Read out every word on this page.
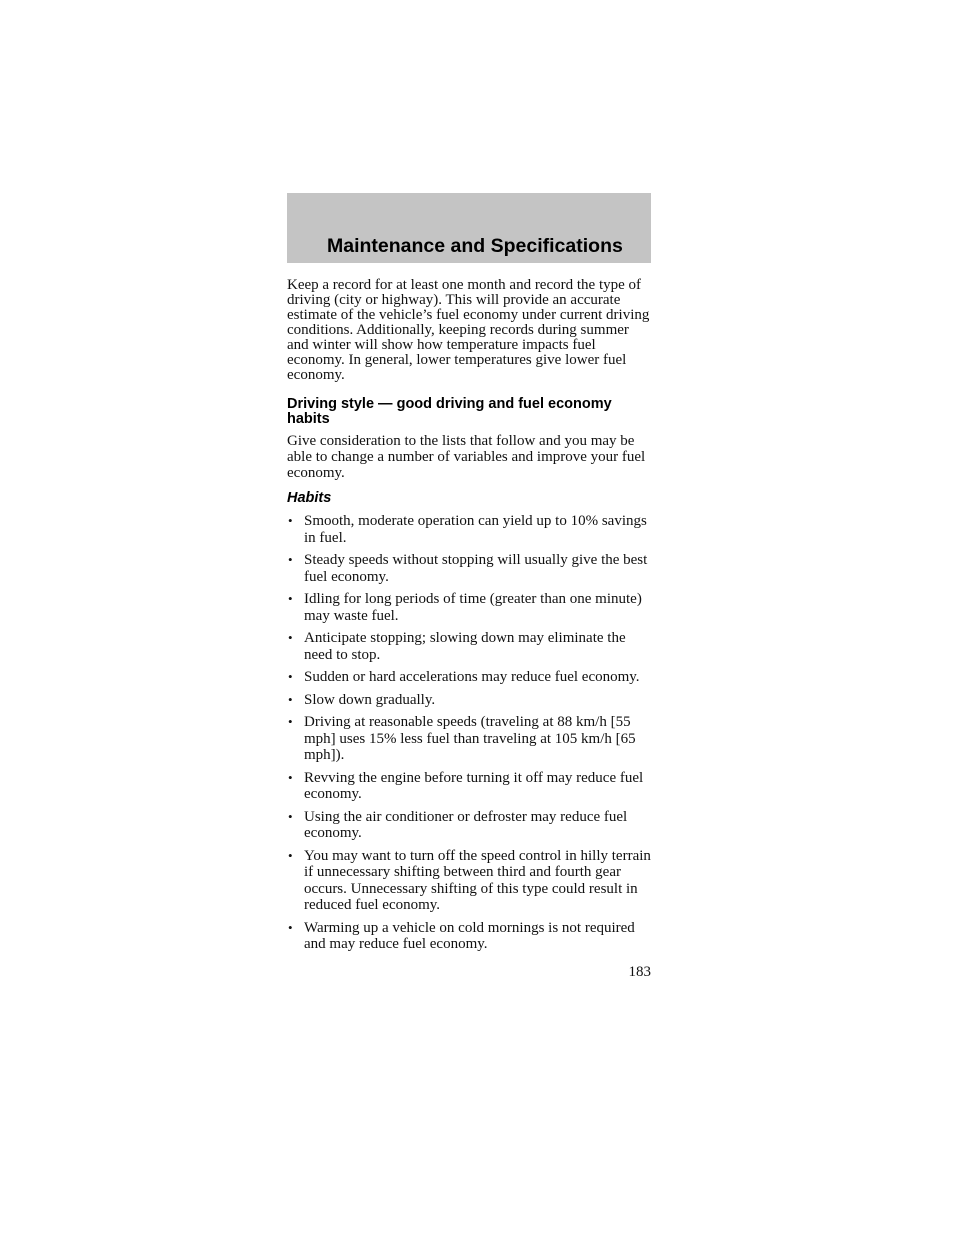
Maintenance and Specifications

Keep a record for at least one month and record the type of driving (city or highway). This will provide an accurate estimate of the vehicle’s fuel economy under current driving conditions. Additionally, keeping records during summer and winter will show how temperature impacts fuel economy. In general, lower temperatures give lower fuel economy.

Driving style — good driving and fuel economy habits

Give consideration to the lists that follow and you may be able to change a number of variables and improve your fuel economy.

Habits
• Smooth, moderate operation can yield up to 10% savings in fuel.
• Steady speeds without stopping will usually give the best fuel economy.
• Idling for long periods of time (greater than one minute) may waste fuel.
• Anticipate stopping; slowing down may eliminate the need to stop.
• Sudden or hard accelerations may reduce fuel economy.
• Slow down gradually.
• Driving at reasonable speeds (traveling at 88 km/h [55 mph] uses 15% less fuel than traveling at 105 km/h [65 mph]).
• Revving the engine before turning it off may reduce fuel economy.
• Using the air conditioner or defroster may reduce fuel economy.
• You may want to turn off the speed control in hilly terrain if unnecessary shifting between third and fourth gear occurs. Unnecessary shifting of this type could result in reduced fuel economy.
• Warming up a vehicle on cold mornings is not required and may reduce fuel economy.
183
